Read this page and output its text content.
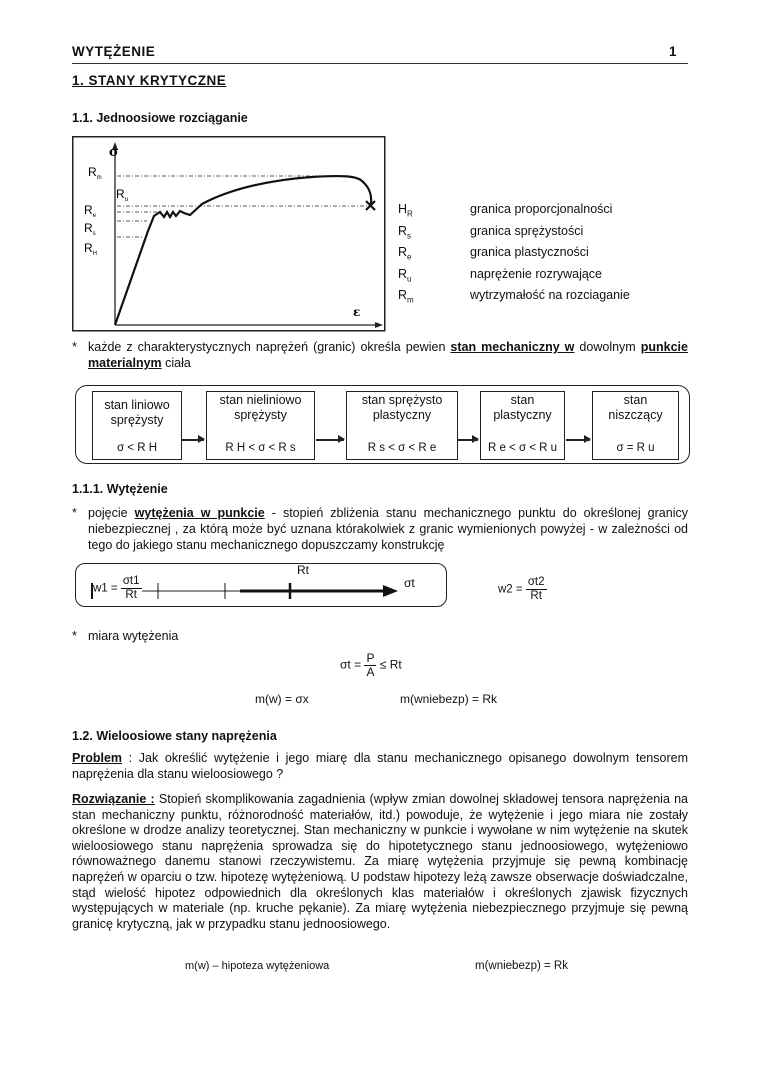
WYTĘŻENIE	1
1. STANY KRYTYCZNE
1.1. Jednoosiowe rozciąganie
σ
ε
$R_m$
$R_u$
$R_e$
$R_s$
$R_H$
$H_R$	granica proporcjonalności
$R_s$	granica sprężystości
$R_e$	granica plastyczności
$R_u$	naprężenie rozrywające
$R_m$	wytrzymałość na rozciaganie
* każde z charakterystycznych naprężeń (granic) określa pewien stan mechaniczny w dowolnym punkcie materialnym ciała
stan liniowo sprężysty
σ < R H
stan nieliniowo sprężysty
R H < σ < R s
stan sprężysto plastyczny
R s < σ < R e
stan plastyczny
R e < σ < R u
stan niszczący
σ = R u
1.1.1. Wytężenie
* pojęcie wytężenia w punkcie - stopień zbliżenia stanu mechanicznego punktu do określonej granicy niebezpiecznej , za którą może być uznana którakolwiek z granic wymienionych powyżej - w zależności od tego do jakiego stanu mechanicznego dopuszczamy konstrukcję
$w1 = \frac{\sigma t1}{Rt}$
Rt
σt	$w2 = \frac{\sigma t2}{Rt}$
* miara wytężenia
$\sigma t = \frac{P}{A} \le Rt$
m(w) = σx	m(wniebezp) = Rk
1.2. Wieloosiowe stany naprężenia
Problem : Jak określić wytężenie i jego miarę dla stanu mechanicznego opisanego dowolnym tensorem naprężenia dla stanu wieloosiowego ?
Rozwiązanie : Stopień skomplikowania zagadnienia (wpływ zmian dowolnej składowej tensora naprężenia na stan mechaniczny punktu, różnorodność materiałów, itd.) powoduje, że wytężenie i jego miara nie zostały określone w drodze analizy teoretycznej. Stan mechaniczny w punkcie i wywołane w nim wytężenie na skutek wieloosiowego stanu naprężenia sprowadza się do hipotetycznego stanu jednoosiowego, wytężeniowo równoważnego danemu stanowi rzeczywistemu. Za miarę wytężenia przyjmuje się pewną kombinację naprężeń w oparciu o tzw. hipotezę wytężeniową. U podstaw hipotezy leżą zawsze obserwacje doświadczalne, stąd wielość hipotez odpowiednich dla określonych klas materiałów i określonych zjawisk fizycznych występujących w materiale (np. kruche pękanie). Za miarę wytężenia niebezpiecznego przyjmuje się pewną granicę krytyczną, jak w przypadku stanu jednoosiowego.
m(w) – hipoteza wytężeniowa	m(wniebezp) = Rk
